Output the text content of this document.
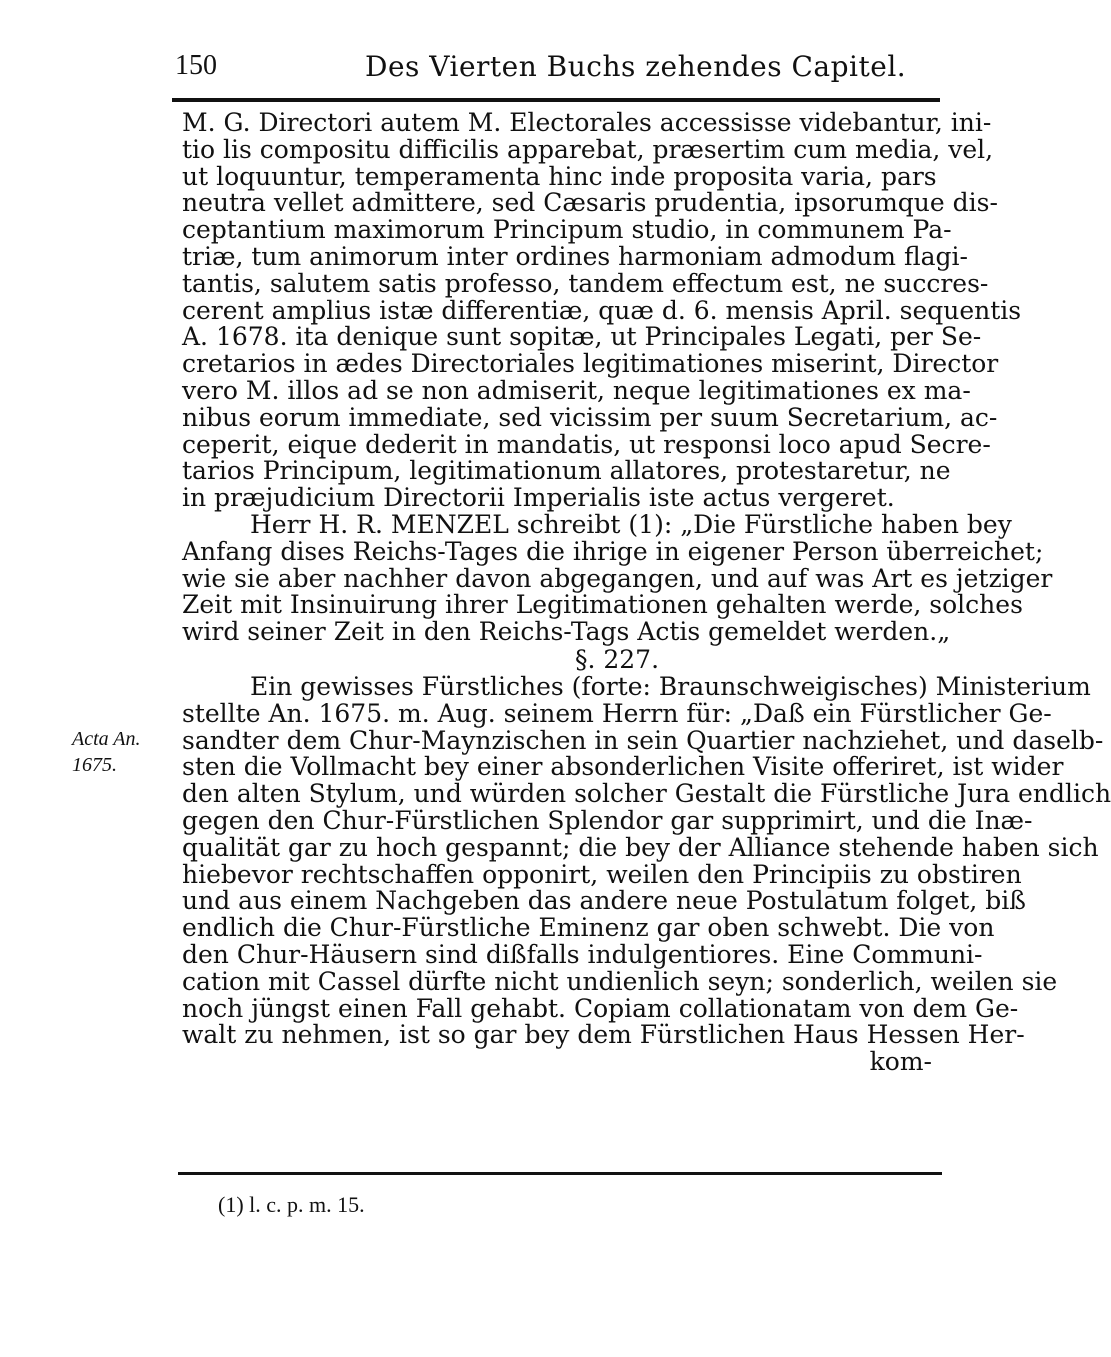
150	Des Vierten Buchs zehendes Capitel.
Acta An.
1675.
M. G. Directori autem M. Electorales accessisse videbantur, ini-
tio lis compositu difficilis apparebat, præsertim cum media, vel,
ut loquuntur, temperamenta hinc inde proposita varia, pars
neutra vellet admittere, sed Cæsaris prudentia, ipsorumque dis-
ceptantium maximorum Principum studio, in communem Pa-
triæ, tum animorum inter ordines harmoniam admodum flagi-
tantis, salutem satis professo, tandem effectum est, ne succres-
cerent amplius istæ differentiæ, quæ d. 6. mensis April. sequentis
A. 1678. ita denique sunt sopitæ, ut Principales Legati, per Se-
cretarios in ædes Directoriales legitimationes miserint, Director
vero M. illos ad se non admiserit, neque legitimationes ex ma-
nibus eorum immediate, sed vicissim per suum Secretarium, ac-
ceperit, eique dederit in mandatis, ut responsi loco apud Secre-
tarios Principum, legitimationum allatores, protestaretur, ne
in præjudicium Directorii Imperialis iste actus vergeret.
Herr H. R. MENZEL schreibt (1): „Die Fürstliche haben bey
Anfang dises Reichs-Tages die ihrige in eigener Person überreichet;
wie sie aber nachher davon abgegangen, und auf was Art es jetziger
Zeit mit Insinuirung ihrer Legitimationen gehalten werde, solches
wird seiner Zeit in den Reichs-Tags Actis gemeldet werden.„
§. 227.
Ein gewisses Fürstliches (forte: Braunschweigisches) Ministerium
stellte An. 1675. m. Aug. seinem Herrn für: „Daß ein Fürstlicher Ge-
sandter dem Chur-Maynzischen in sein Quartier nachziehet, und daselb-
sten die Vollmacht bey einer absonderlichen Visite offeriret, ist wider
den alten Stylum, und würden solcher Gestalt die Fürstliche Jura endlich
gegen den Chur-Fürstlichen Splendor gar supprimirt, und die Inæ-
qualität gar zu hoch gespannt; die bey der Alliance stehende haben sich
hiebevor rechtschaffen opponirt, weilen den Principiis zu obstiren
und aus einem Nachgeben das andere neue Postulatum folget, biß
endlich die Chur-Fürstliche Eminenz gar oben schwebt. Die von
den Chur-Häusern sind dißfalls indulgentiores. Eine Communi-
cation mit Cassel dürfte nicht undienlich seyn; sonderlich, weilen sie
noch jüngst einen Fall gehabt. Copiam collationatam von dem Ge-
walt zu nehmen, ist so gar bey dem Fürstlichen Haus Hessen Her-
kom-
(1) l. c. p. m. 15.
